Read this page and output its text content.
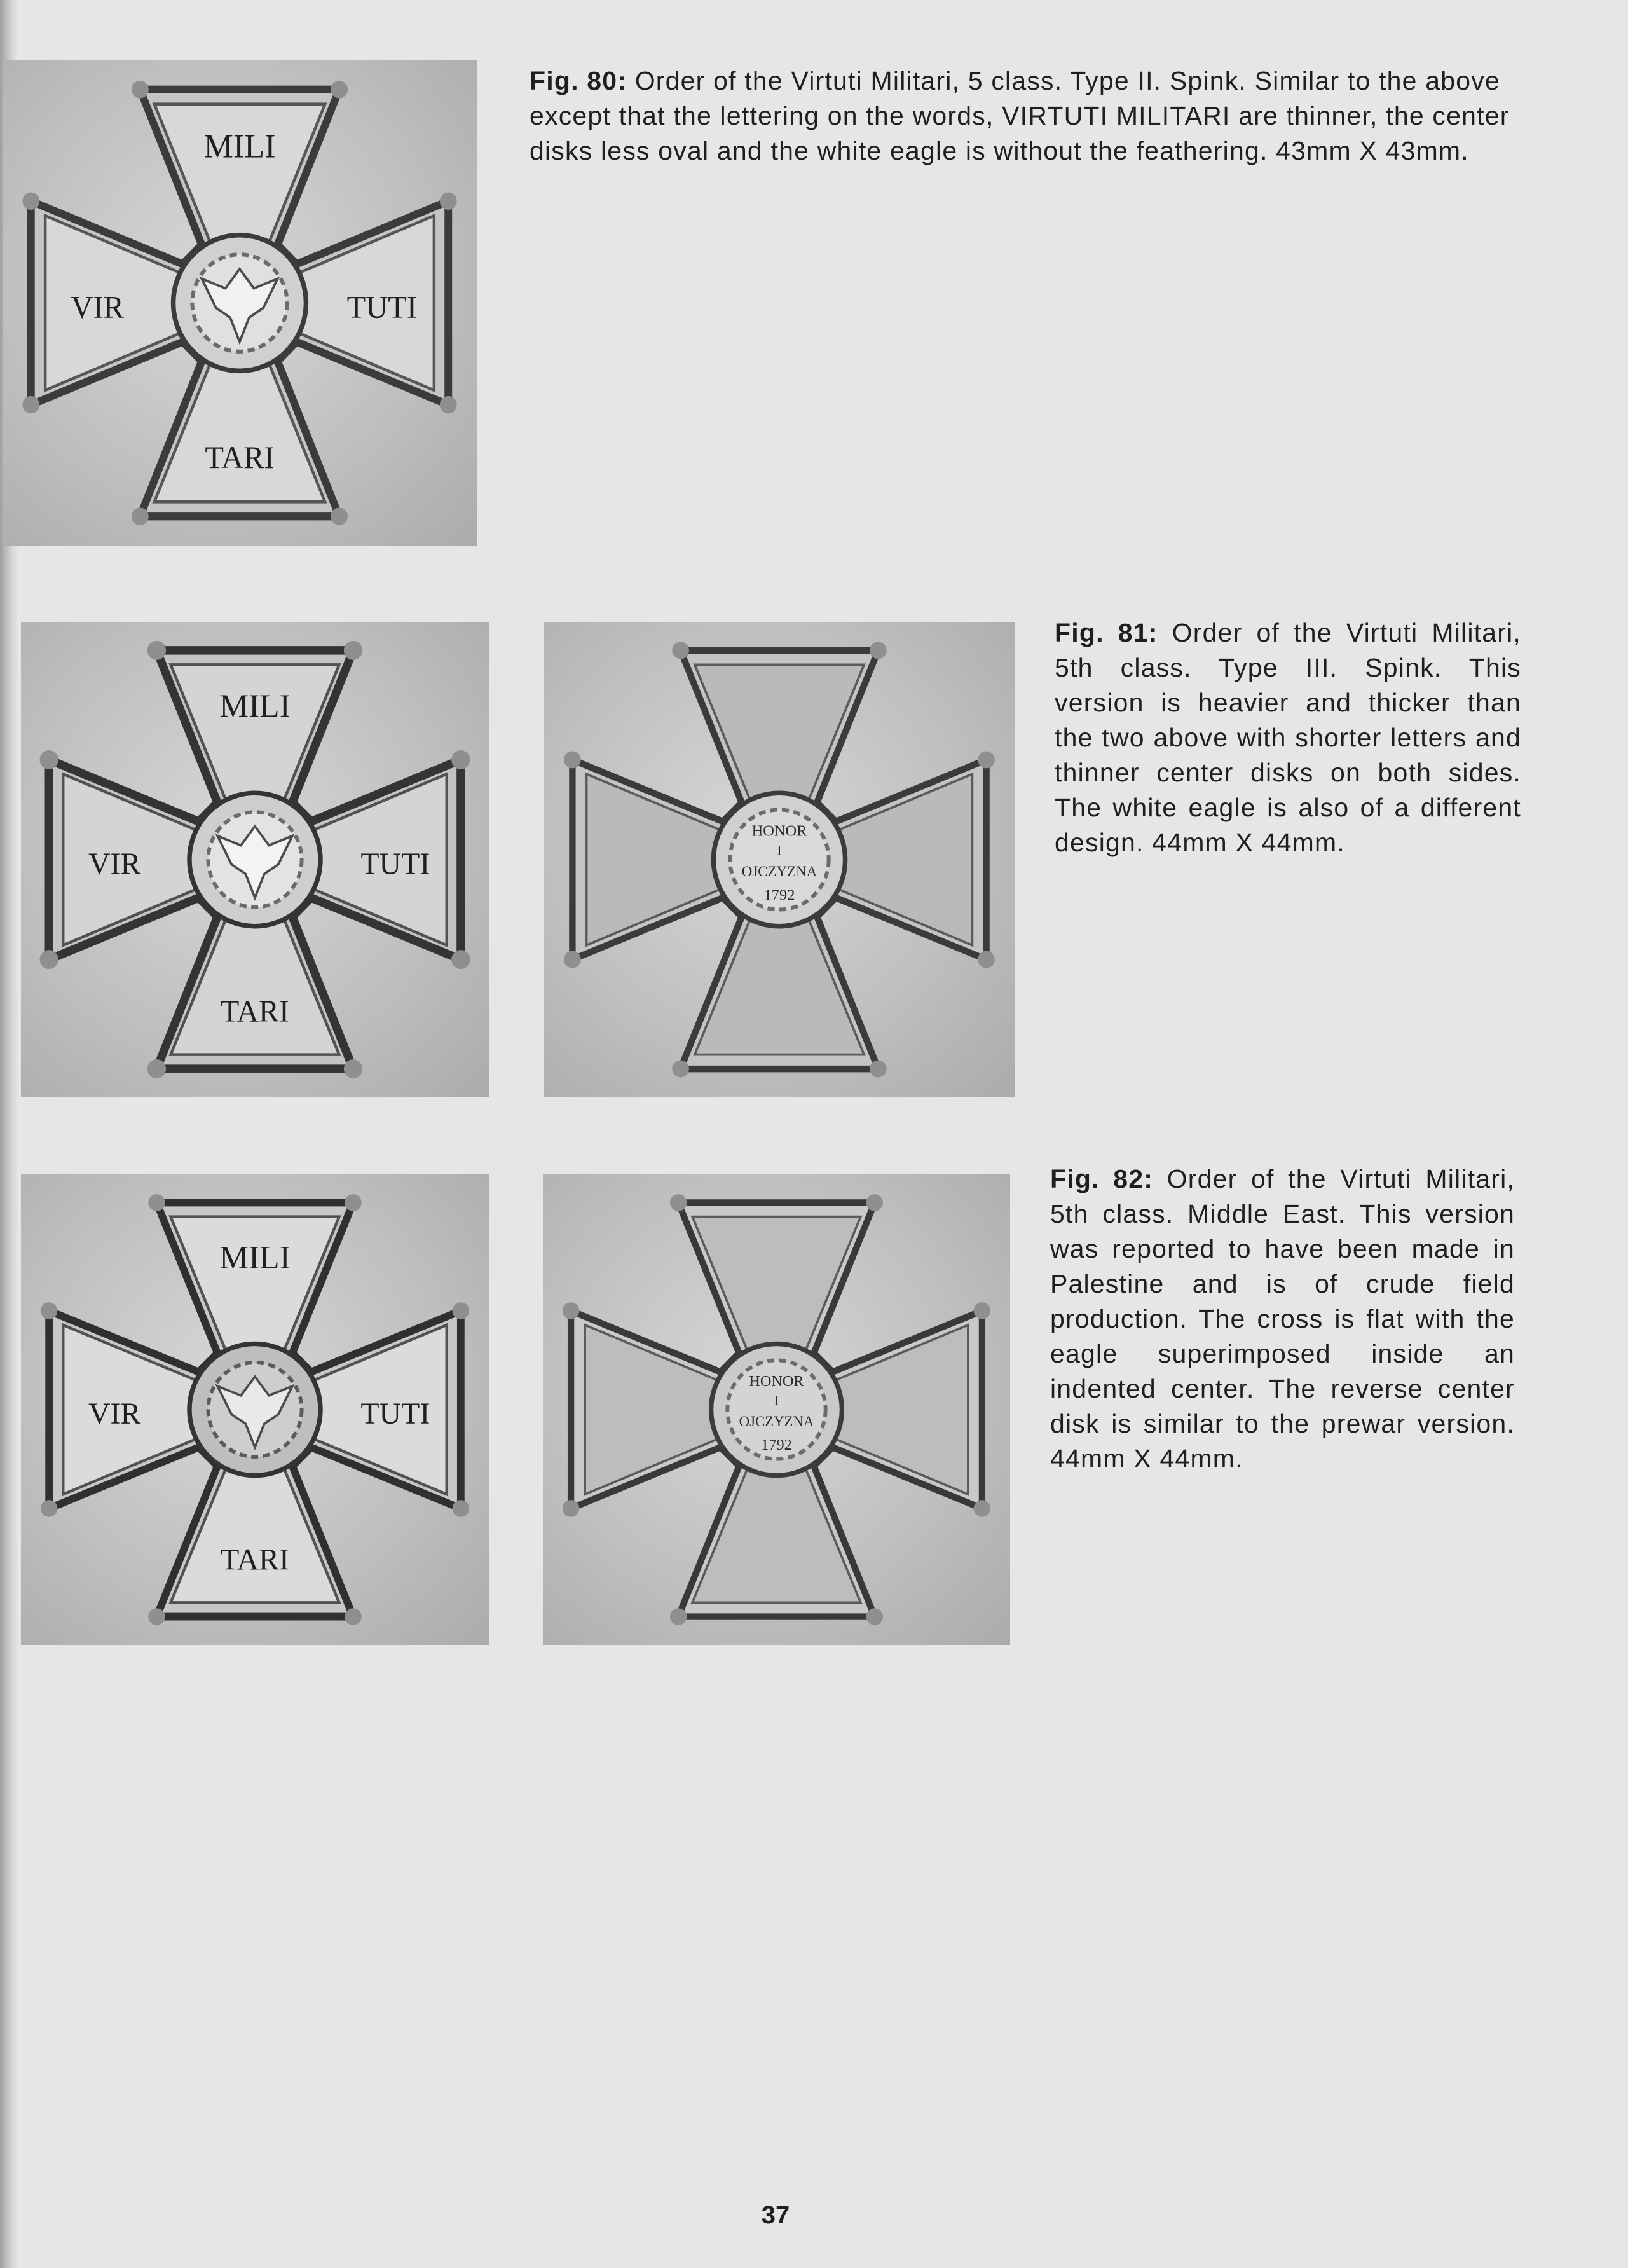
MILI
VIR	TUTI
TARI

Fig. 80: Order of the Virtuti Militari, 5 class. Type II. Spink. Similar to the above except that the lettering on the words, VIRTUTI MILITARI are thinner, the center disks less oval and the white eagle is without the feathering. 43mm X 43mm.

MILI
VIR	TUTI
TARI
HONOR
I
OJCZYZNA
1792

Fig. 81: Order of the Virtuti Militari, 5th class. Type III. Spink. This version is heavier and thicker than the two above with shorter letters and thinner center disks on both sides. The white eagle is also of a different design. 44mm X 44mm.

MILI
VIR	TUTI
TARI
HONOR
I
OJCZYZNA
1792

Fig. 82: Order of the Virtuti Militari, 5th class. Middle East. This version was reported to have been made in Palestine and is of crude field production. The cross is flat with the eagle superimposed inside an indented center. The reverse center disk is similar to the prewar version. 44mm X 44mm.

37
